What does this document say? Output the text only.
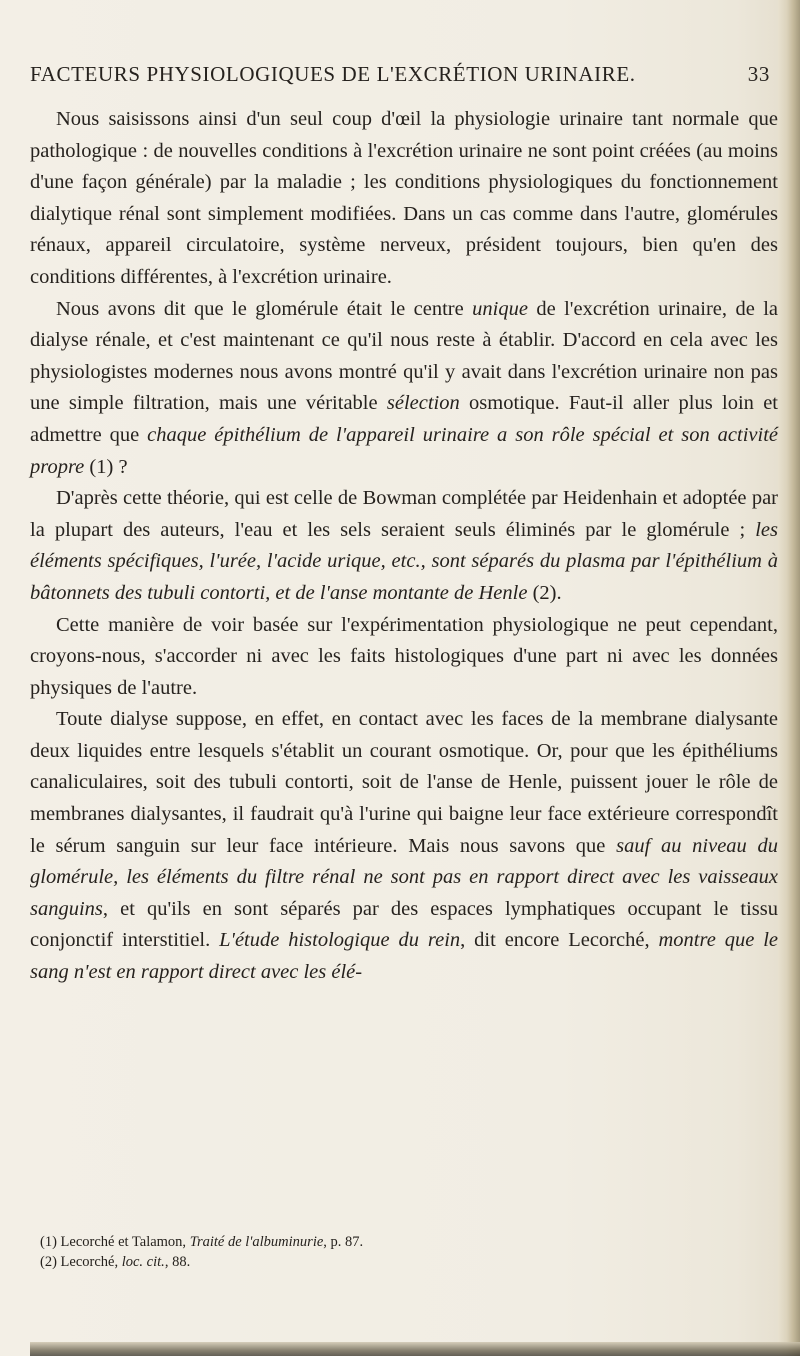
FACTEURS PHYSIOLOGIQUES DE L'EXCRÉTION URINAIRE.	33

Nous saisissons ainsi d'un seul coup d'œil la physiologie urinaire tant normale que pathologique : de nouvelles conditions à l'excrétion urinaire ne sont point créées (au moins d'une façon générale) par la maladie ; les conditions physiologiques du fonctionnement dialytique rénal sont simplement modifiées. Dans un cas comme dans l'autre, glomérules rénaux, appareil circulatoire, système nerveux, président toujours, bien qu'en des conditions différentes, à l'excrétion urinaire.

Nous avons dit que le glomérule était le centre unique de l'excrétion urinaire, de la dialyse rénale, et c'est maintenant ce qu'il nous reste à établir. D'accord en cela avec les physiologistes modernes nous avons montré qu'il y avait dans l'excrétion urinaire non pas une simple filtration, mais une véritable sélection osmotique. Faut-il aller plus loin et admettre que chaque épithélium de l'appareil urinaire a son rôle spécial et son activité propre (1) ?

D'après cette théorie, qui est celle de Bowman complétée par Heidenhain et adoptée par la plupart des auteurs, l'eau et les sels seraient seuls éliminés par le glomérule ; les éléments spécifiques, l'urée, l'acide urique, etc., sont séparés du plasma par l'épithélium à bâtonnets des tubuli contorti, et de l'anse montante de Henle (2).

Cette manière de voir basée sur l'expérimentation physiologique ne peut cependant, croyons-nous, s'accorder ni avec les faits histologiques d'une part ni avec les données physiques de l'autre.

Toute dialyse suppose, en effet, en contact avec les faces de la membrane dialysante deux liquides entre lesquels s'établit un courant osmotique. Or, pour que les épithéliums canaliculaires, soit des tubuli contorti, soit de l'anse de Henle, puissent jouer le rôle de membranes dialysantes, il faudrait qu'à l'urine qui baigne leur face extérieure correspondît le sérum sanguin sur leur face intérieure. Mais nous savons que sauf au niveau du glomérule, les éléments du filtre rénal ne sont pas en rapport direct avec les vaisseaux sanguins, et qu'ils en sont séparés par des espaces lymphatiques occupant le tissu conjonctif interstitiel. L'étude histologique du rein, dit encore Lecorché, montre que le sang n'est en rapport direct avec les élé-

(1) Lecorché et Talamon, Traité de l'albuminurie, p. 87.
(2) Lecorché, loc. cit., 88.
